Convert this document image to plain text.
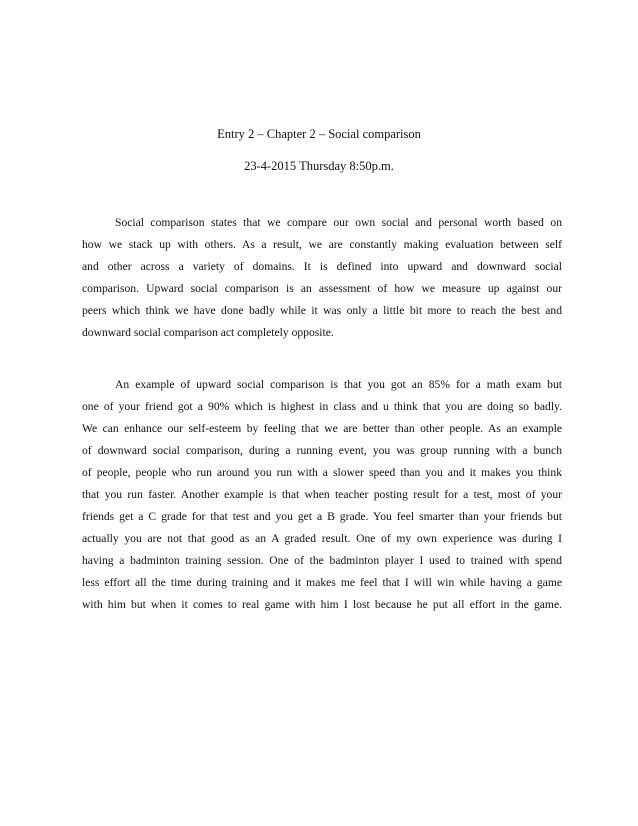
Entry 2 – Chapter 2 – Social comparison
23-4-2015 Thursday 8:50p.m.
Social comparison states that we compare our own social and personal worth based on
how we stack up with others. As a result, we are constantly making evaluation between self
and other across a variety of domains. It is defined into upward and downward social
comparison. Upward social comparison is an assessment of how we measure up against our
peers which think we have done badly while it was only a little bit more to reach the best and
downward social comparison act completely opposite.
An example of upward social comparison is that you got an 85% for a math exam but
one of your friend got a 90% which is highest in class and u think that you are doing so badly.
We can enhance our self-esteem by feeling that we are better than other people. As an example
of downward social comparison, during a running event, you was group running with a bunch
of people, people who run around you run with a slower speed than you and it makes you think
that you run faster. Another example is that when teacher posting result for a test, most of your
friends get a C grade for that test and you get a B grade. You feel smarter than your friends but
actually you are not that good as an A graded result. One of my own experience was during I
having a badminton training session. One of the badminton player I used to trained with spend
less effort all the time during training and it makes me feel that I will win while having a game
with him but when it comes to real game with him I lost because he put all effort in the game.
